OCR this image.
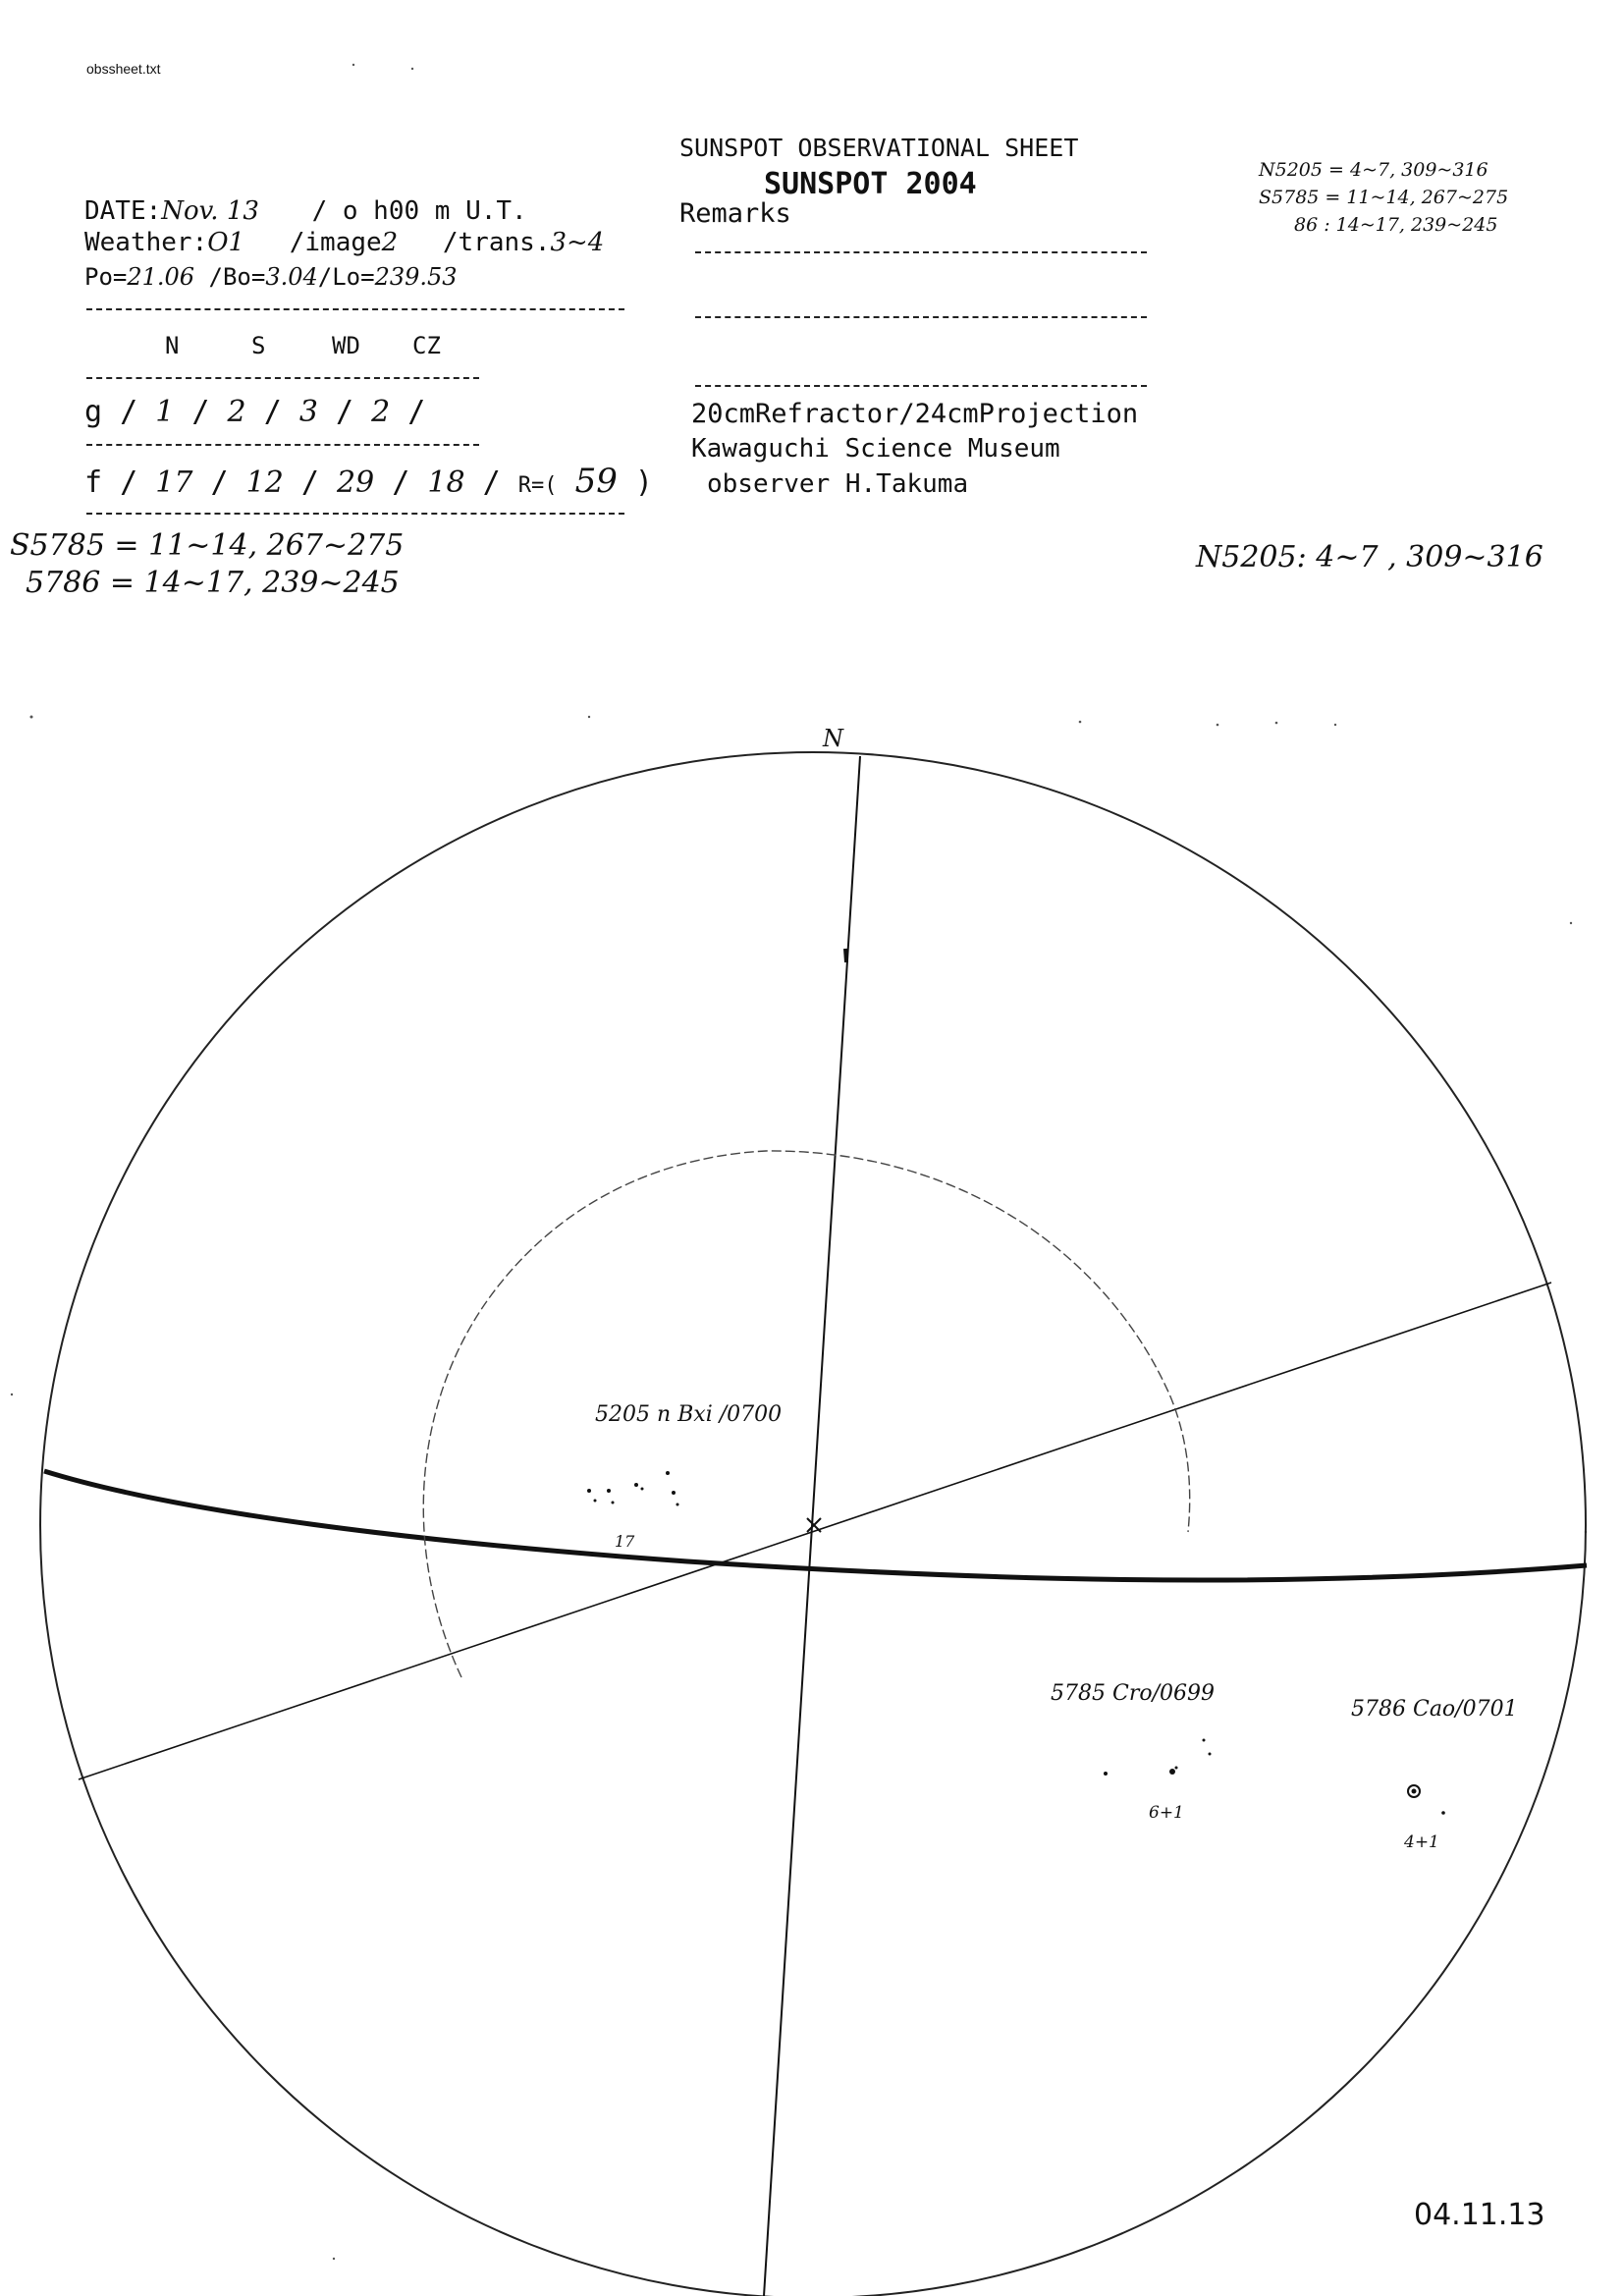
obssheet.txt
SUNSPOT OBSERVATIONAL SHEET
SUNSPOT 2004
Remarks
DATE:Nov. 13 / o h00 m U.T.
Weather:O1 /image2 /trans.3~4
Po=21.06 /Bo=3.04/Lo=239.53
N	S	WD CZ
g / 1 / 2 / 3 / 2 /
f / 17 / 12 / 29 / 18 / R=( 59 )
20cmRefractor/24cmProjection
Kawaguchi Science Museum
observer H.Takuma
N5205 = 4~7, 309~316
S5785 = 11~14, 267~275
86 : 14~17, 239~245
S5785 = 11~14, 267~275
5786 = 14~17, 239~245
N5205: 4~7 , 309~316
N
5205 n Bxi /0700
17
5785 Cro/0699
6+1
5786 Cao/0701
4+1
04.11.13
